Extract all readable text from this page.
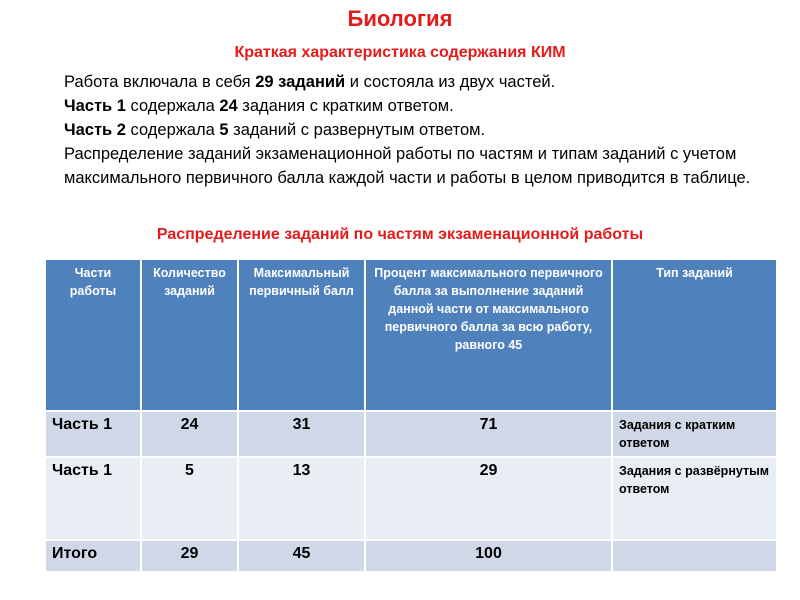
Биология
Краткая характеристика содержания КИМ

Работа включала в себя 29 заданий и состояла из двух частей.

Часть 1 содержала 24 задания с кратким ответом.

Часть 2 содержала 5 заданий с развернутым ответом.

Распределение заданий экзаменационной работы по частям и типам заданий с учетом максимального первичного балла каждой части и работы в целом приводится в таблице.

Распределение заданий по частям экзаменационной работы
Части работы	Количество заданий	Максимальный первичный балл	Процент максимального первичного балла за выполнение заданий данной части от максимального первичного балла за всю работу, равного 45	Тип заданий
Часть 1	24	31	71	Задания с кратким ответом
Часть 1	5	13	29	Задания с развёрнутым ответом
Итого	29	45	100	
